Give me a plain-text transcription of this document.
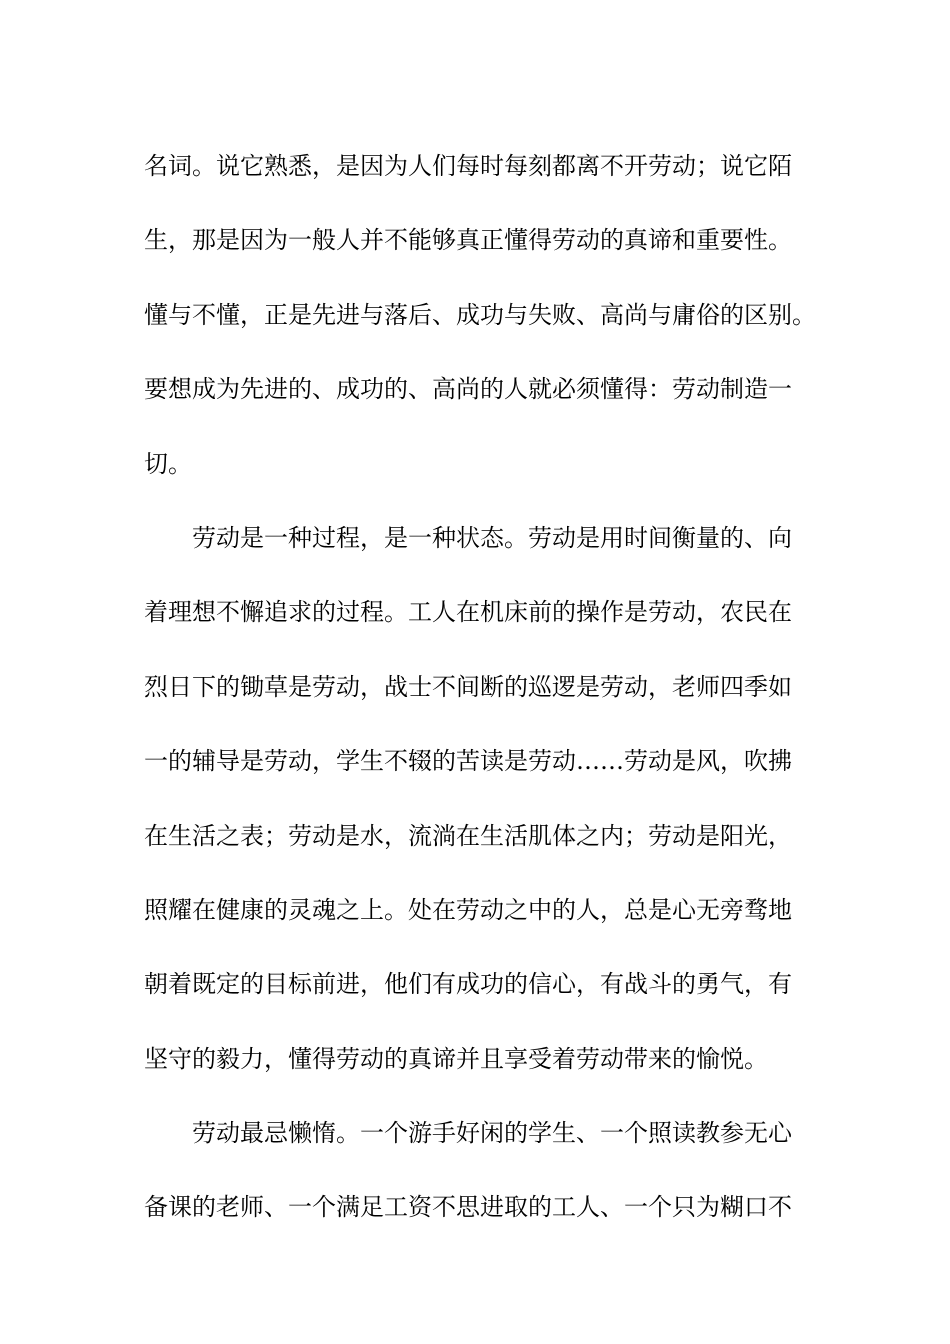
名词。说它熟悉，是因为人们每时每刻都离不开劳动；说它陌
生，那是因为一般人并不能够真正懂得劳动的真谛和重要性。
懂与不懂，正是先进与落后、成功与失败、高尚与庸俗的区别。
要想成为先进的、成功的、高尚的人就必须懂得：劳动制造一
切。
　　劳动是一种过程，是一种状态。劳动是用时间衡量的、向
着理想不懈追求的过程。工人在机床前的操作是劳动，农民在
烈日下的锄草是劳动，战士不间断的巡逻是劳动，老师四季如
一的辅导是劳动，学生不辍的苦读是劳动……劳动是风，吹拂
在生活之表；劳动是水，流淌在生活肌体之内；劳动是阳光，
照耀在健康的灵魂之上。处在劳动之中的人，总是心无旁骛地
朝着既定的目标前进，他们有成功的信心，有战斗的勇气，有
坚守的毅力，懂得劳动的真谛并且享受着劳动带来的愉悦。
　　劳动最忌懒惰。一个游手好闲的学生、一个照读教参无心
备课的老师、一个满足工资不思进取的工人、一个只为糊口不
